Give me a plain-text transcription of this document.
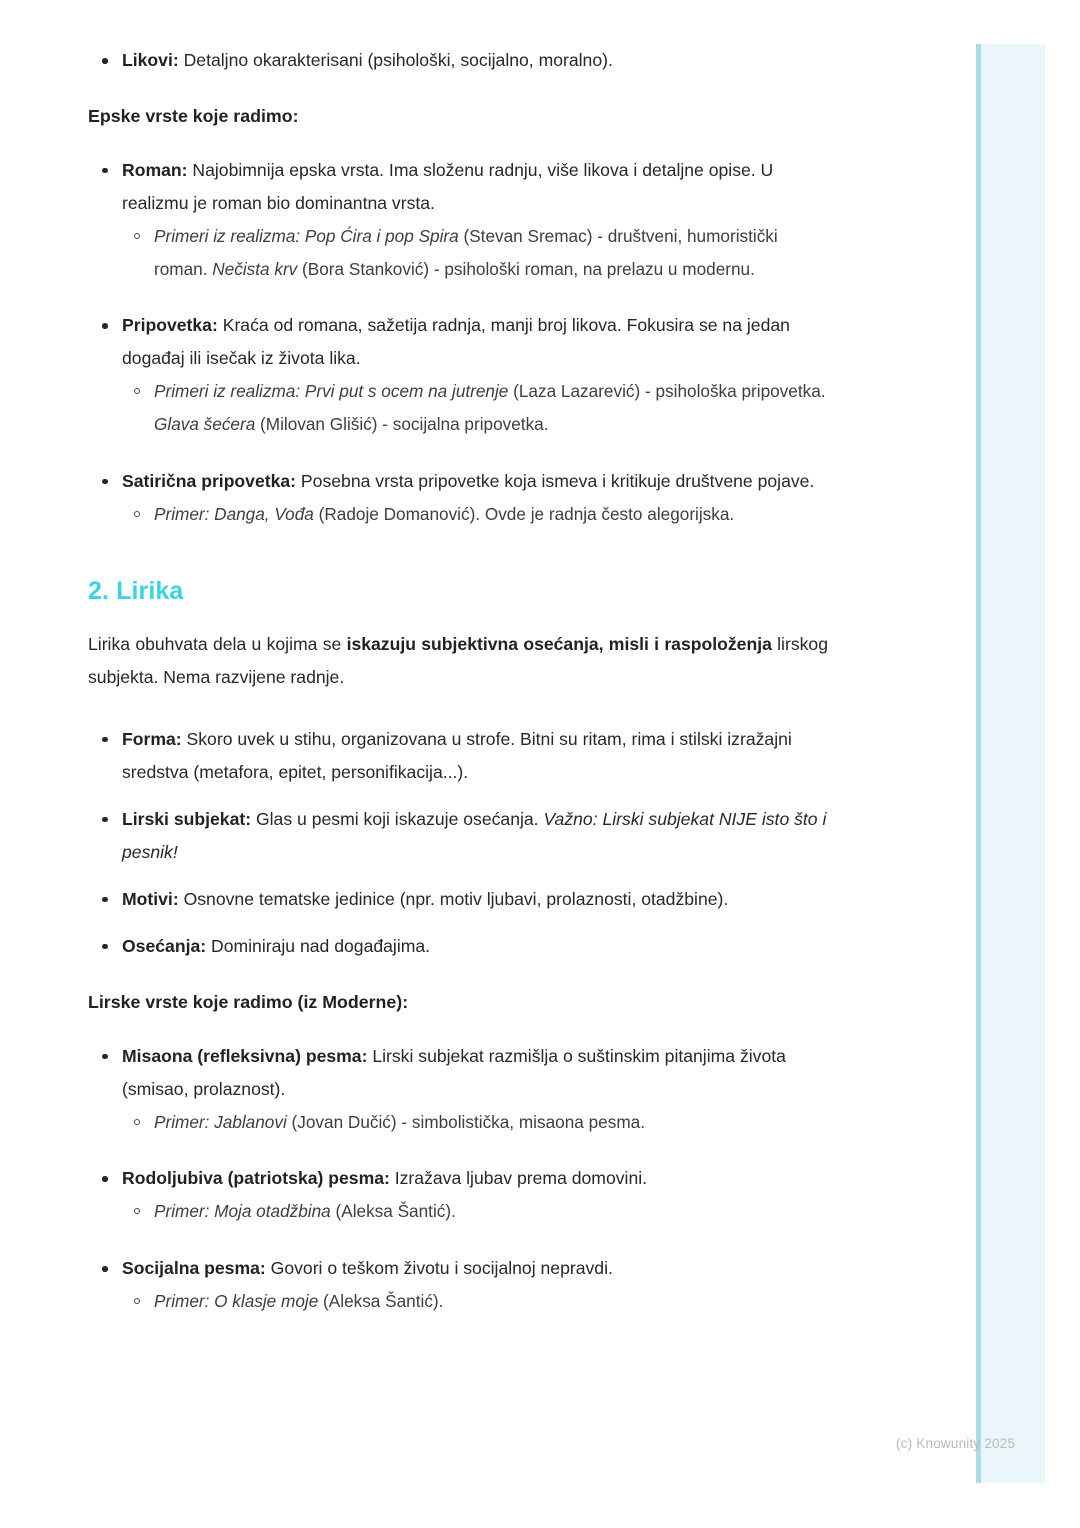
Likovi: Detaljno okarakterisani (psihološki, socijalno, moralno).

Epske vrste koje radimo:

Roman: Najobimnija epska vrsta. Ima složenu radnju, više likova i detaljne opise. U realizmu je roman bio dominantna vrsta.
Primeri iz realizma: Pop Ćira i pop Spira (Stevan Sremac) - društveni, humoristički roman. Nečista krv (Bora Stanković) - psihološki roman, na prelazu u modernu.
Pripovetka: Kraća od romana, sažetija radnja, manji broj likova. Fokusira se na jedan događaj ili isečak iz života lika.
Primeri iz realizma: Prvi put s ocem na jutrenje (Laza Lazarević) - psihološka pripovetka. Glava šećera (Milovan Glišić) - socijalna pripovetka.
Satirična pripovetka: Posebna vrsta pripovetke koja ismeva i kritikuje društvene pojave.
Primer: Danga, Vođa (Radoje Domanović). Ovde je radnja često alegorijska.
2. Lirika

Lirika obuhvata dela u kojima se iskazuju subjektivna osećanja, misli i raspoloženja lirskog subjekta. Nema razvijene radnje.

Forma: Skoro uvek u stihu, organizovana u strofe. Bitni su ritam, rima i stilski izražajni sredstva (metafora, epitet, personifikacija...).
Lirski subjekat: Glas u pesmi koji iskazuje osećanja. Važno: Lirski subjekat NIJE isto što i pesnik!
Motivi: Osnovne tematske jedinice (npr. motiv ljubavi, prolaznosti, otadžbine).
Osećanja: Dominiraju nad događajima.

Lirske vrste koje radimo (iz Moderne):

Misaona (refleksivna) pesma: Lirski subjekat razmišlja o suštinskim pitanjima života (smisao, prolaznost).
Primer: Jablanovi (Jovan Dučić) - simbolistička, misaona pesma.
Rodoljubiva (patriotska) pesma: Izražava ljubav prema domovini.
Primer: Moja otadžbina (Aleksa Šantić).
Socijalna pesma: Govori o teškom životu i socijalnoj nepravdi.
Primer: O klasje moje (Aleksa Šantić).
(c) Knowunity 2025
